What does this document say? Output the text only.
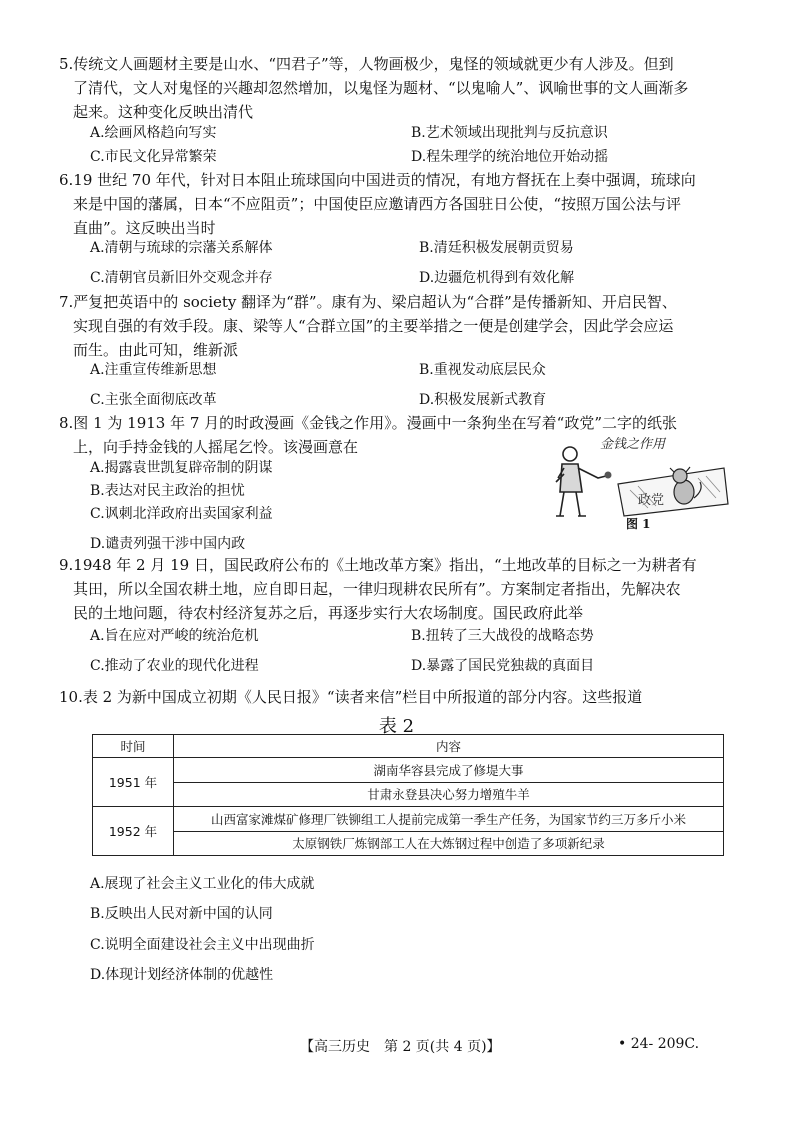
5.传统文人画题材主要是山水、“四君子”等，人物画极少，鬼怪的领域就更少有人涉及。但到
了清代，文人对鬼怪的兴趣却忽然增加，以鬼怪为题材、“以鬼喻人”、讽喻世事的文人画渐多
起来。这种变化反映出清代
A.绘画风格趋向写实	B.艺术领域出现批判与反抗意识
C.市民文化异常繁荣	D.程朱理学的统治地位开始动摇
6.19 世纪 70 年代，针对日本阻止琉球国向中国进贡的情况，有地方督抚在上奏中强调，琉球向
来是中国的藩属，日本“不应阻贡”；中国使臣应邀请西方各国驻日公使，“按照万国公法与评
直曲”。这反映出当时
A.清朝与琉球的宗藩关系解体	B.清廷积极发展朝贡贸易
C.清朝官员新旧外交观念并存	D.边疆危机得到有效化解
7.严复把英语中的 society 翻译为“群”。康有为、梁启超认为“合群”是传播新知、开启民智、
实现自强的有效手段。康、梁等人“合群立国”的主要举措之一便是创建学会，因此学会应运
而生。由此可知，维新派
A.注重宣传维新思想	B.重视发动底层民众
C.主张全面彻底改革	D.积极发展新式教育
8.图 1 为 1913 年 7 月的时政漫画《金钱之作用》。漫画中一条狗坐在写着“政党”二字的纸张
上，向手持金钱的人摇尾乞怜。该漫画意在
A.揭露袁世凯复辟帝制的阴谋
B.表达对民主政治的担忧
C.讽刺北洋政府出卖国家利益
D.谴责列强干涉中国内政
金钱之作用
政党
图 1
9.1948 年 2 月 19 日，国民政府公布的《土地改革方案》指出，“土地改革的目标之一为耕者有
其田，所以全国农耕土地，应自即日起，一律归现耕农民所有”。方案制定者指出，先解决农
民的土地问题，待农村经济复苏之后，再逐步实行大农场制度。国民政府此举
A.旨在应对严峻的统治危机	B.扭转了三大战役的战略态势
C.推动了农业的现代化进程	D.暴露了国民党独裁的真面目
10.表 2 为新中国成立初期《人民日报》“读者来信”栏目中所报道的部分内容。这些报道
表 2
时间	内容
1951 年	湖南华容县完成了修堤大事
	甘肃永登县决心努力增殖牛羊
1952 年	山西富家滩煤矿修理厂铁铆组工人提前完成第一季生产任务，为国家节约三万多斤小米
	太原钢铁厂炼钢部工人在大炼钢过程中创造了多项新纪录
A.展现了社会主义工业化的伟大成就
B.反映出人民对新中国的认同
C.说明全面建设社会主义中出现曲折
D.体现计划经济体制的优越性
【高三历史　第 2 页(共 4 页)】	• 24- 209C.
